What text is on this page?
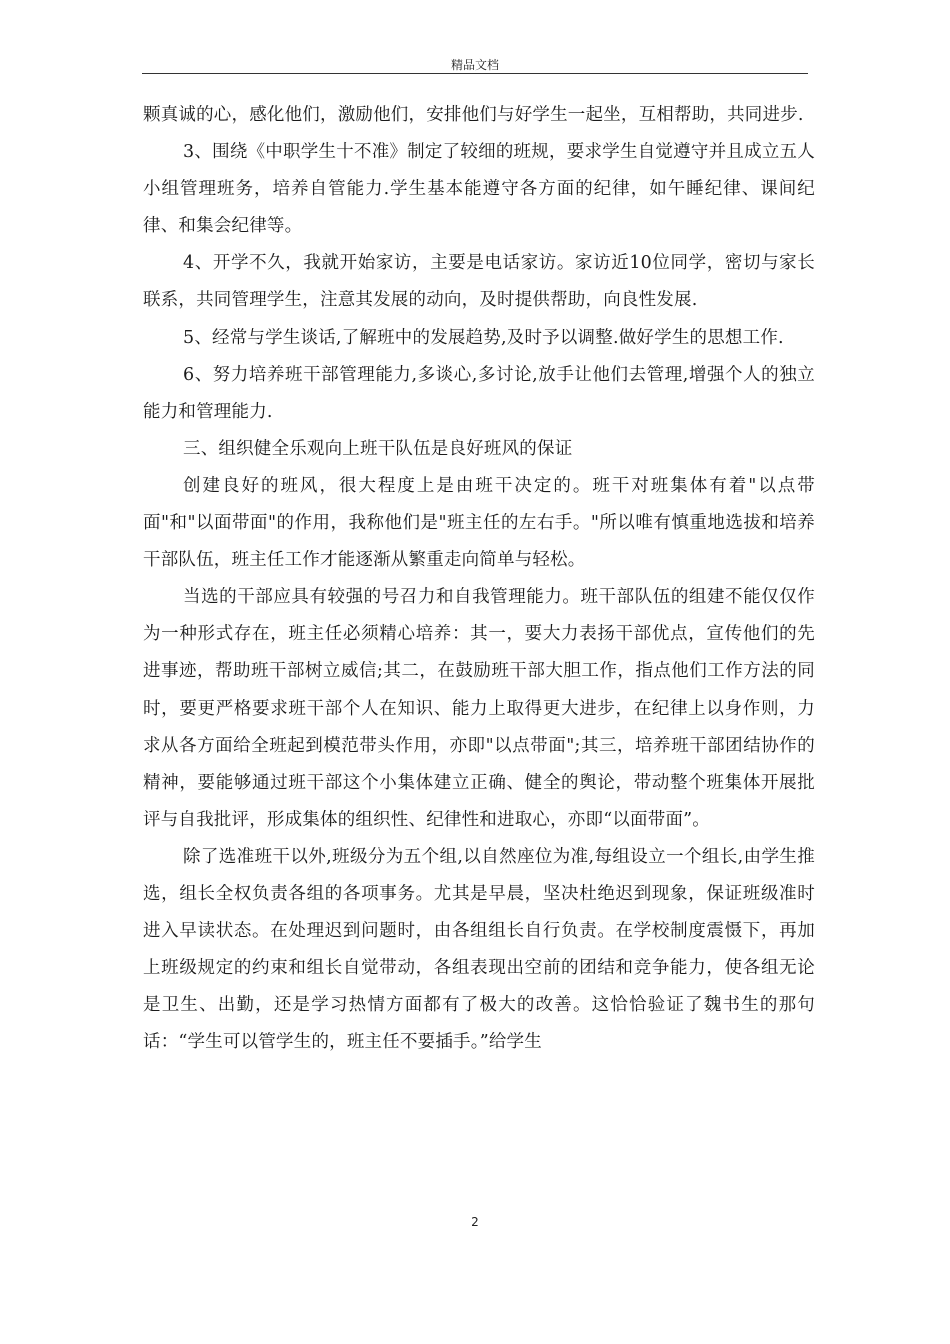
精品文档

颗真诚的心，感化他们，激励他们，安排他们与好学生一起坐，互相帮助，共同进步.

3、围绕《中职学生十不准》制定了较细的班规，要求学生自觉遵守并且成立五人小组管理班务，培养自管能力.学生基本能遵守各方面的纪律，如午睡纪律、课间纪律、和集会纪律等。

4、开学不久，我就开始家访，主要是电话家访。家访近10位同学，密切与家长联系，共同管理学生，注意其发展的动向，及时提供帮助，向良性发展.

5、经常与学生谈话,了解班中的发展趋势,及时予以调整.做好学生的思想工作.

6、努力培养班干部管理能力,多谈心,多讨论,放手让他们去管理,增强个人的独立能力和管理能力.

三、组织健全乐观向上班干队伍是良好班风的保证

创建良好的班风，很大程度上是由班干决定的。班干对班集体有着"以点带面"和"以面带面"的作用，我称他们是"班主任的左右手。"所以唯有慎重地选拔和培养干部队伍，班主任工作才能逐渐从繁重走向简单与轻松。

当选的干部应具有较强的号召力和自我管理能力。班干部队伍的组建不能仅仅作为一种形式存在，班主任必须精心培养：其一，要大力表扬干部优点，宣传他们的先进事迹，帮助班干部树立威信;其二，在鼓励班干部大胆工作，指点他们工作方法的同时，要更严格要求班干部个人在知识、能力上取得更大进步，在纪律上以身作则，力求从各方面给全班起到模范带头作用，亦即"以点带面";其三，培养班干部团结协作的精神，要能够通过班干部这个小集体建立正确、健全的舆论，带动整个班集体开展批评与自我批评，形成集体的组织性、纪律性和进取心，亦即“以面带面”。

除了选准班干以外,班级分为五个组,以自然座位为准,每组设立一个组长,由学生推选，组长全权负责各组的各项事务。尤其是早晨，坚决杜绝迟到现象，保证班级准时进入早读状态。在处理迟到问题时，由各组组长自行负责。在学校制度震慑下，再加上班级规定的约束和组长自觉带动，各组表现出空前的团结和竞争能力，使各组无论是卫生、出勤，还是学习热情方面都有了极大的改善。这恰恰验证了魏书生的那句话：“学生可以管学生的，班主任不要插手。”给学生

2
